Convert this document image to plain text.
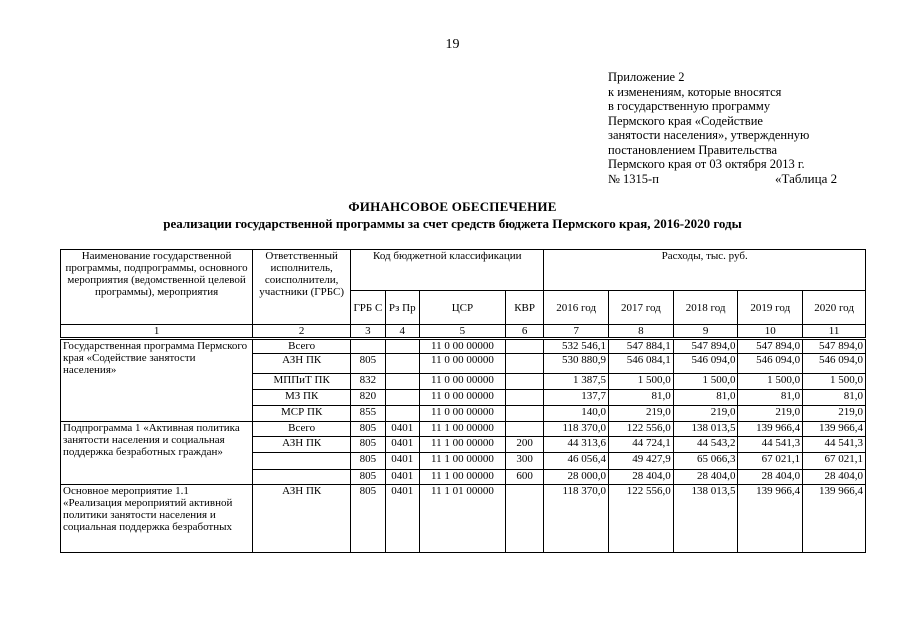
19
Приложение 2
к изменениям, которые вносятся
в государственную программу
Пермского края «Содействие
занятости населения», утвержденную
постановлением Правительства
Пермского края от 03 октября 2013 г.
№ 1315-п	«Таблица 2
ФИНАНСОВОЕ ОБЕСПЕЧЕНИЕ
реализации государственной программы за счет средств бюджета Пермского края, 2016-2020 годы
Наименование государственной программы, подпрограммы, основного мероприятия (ведомственной целевой программы), мероприятия	Ответственный исполнитель, соисполнители, участники (ГРБС)	Код бюджетной классификации				Расходы, тыс. руб.				
		ГРБ С	Рз Пр	ЦСР	КВР	2016 год	2017 год	2018 год	2019 год	2020 год
1	2	3	4	5	6	7	8	9	10	11
Государственная программа Пермского края «Содействие занятости населения»	Всего			11 0 00 00000		532 546,1	547 884,1	547 894,0	547 894,0	547 894,0
	АЗН ПК	805		11 0 00 00000		530 880,9	546 084,1	546 094,0	546 094,0	546 094,0
	МППиТ ПК	832		11 0 00 00000		1 387,5	1 500,0	1 500,0	1 500,0	1 500,0
	МЗ ПК	820		11 0 00 00000		137,7	81,0	81,0	81,0	81,0
	МСР ПК	855		11 0 00 00000		140,0	219,0	219,0	219,0	219,0
Подпрограмма 1 «Активная политика занятости населения и социальная поддержка безработных граждан»	Всего	805	0401	11 1 00 00000		118 370,0	122 556,0	138 013,5	139 966,4	139 966,4
	АЗН ПК	805	0401	11 1 00 00000	200	44 313,6	44 724,1	44 543,2	44 541,3	44 541,3
		805	0401	11 1 00 00000	300	46 056,4	49 427,9	65 066,3	67 021,1	67 021,1
		805	0401	11 1 00 00000	600	28 000,0	28 404,0	28 404,0	28 404,0	28 404,0
Основное мероприятие 1.1 «Реализация мероприятий активной политики занятости населения и социальная поддержка безработных	АЗН ПК	805	0401	11 1 01 00000		118 370,0	122 556,0	138 013,5	139 966,4	139 966,4
